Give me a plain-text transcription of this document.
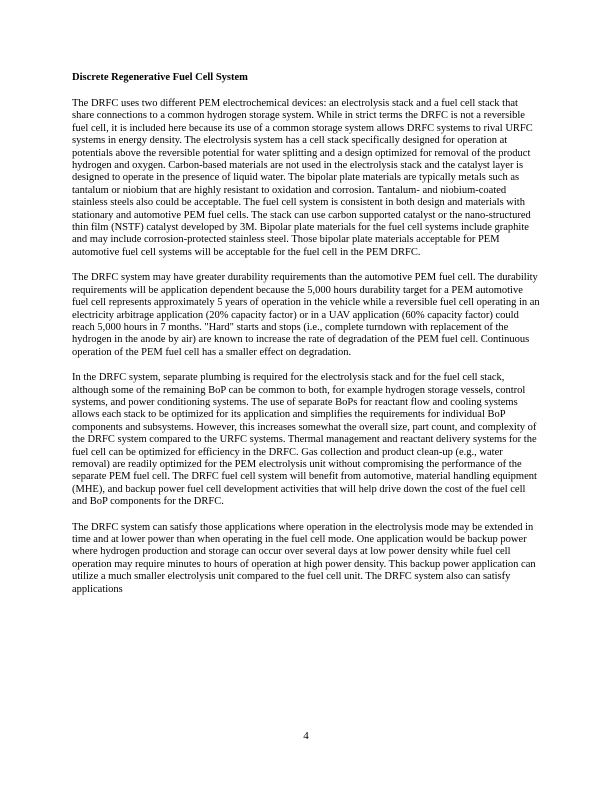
Discrete Regenerative Fuel Cell System

The DRFC uses two different PEM electrochemical devices: an electrolysis stack and a fuel cell stack that share connections to a common hydrogen storage system. While in strict terms the DRFC is not a reversible fuel cell, it is included here because its use of a common storage system allows DRFC systems to rival URFC systems in energy density. The electrolysis system has a cell stack specifically designed for operation at potentials above the reversible potential for water splitting and a design optimized for removal of the product hydrogen and oxygen. Carbon-based materials are not used in the electrolysis stack and the catalyst layer is designed to operate in the presence of liquid water. The bipolar plate materials are typically metals such as tantalum or niobium that are highly resistant to oxidation and corrosion. Tantalum- and niobium-coated stainless steels also could be acceptable. The fuel cell system is consistent in both design and materials with stationary and automotive PEM fuel cells. The stack can use carbon supported catalyst or the nano-structured thin film (NSTF) catalyst developed by 3M. Bipolar plate materials for the fuel cell systems include graphite and may include corrosion-protected stainless steel. Those bipolar plate materials acceptable for PEM automotive fuel cell systems will be acceptable for the fuel cell in the PEM DRFC.

The DRFC system may have greater durability requirements than the automotive PEM fuel cell. The durability requirements will be application dependent because the 5,000 hours durability target for a PEM automotive fuel cell represents approximately 5 years of operation in the vehicle while a reversible fuel cell operating in an electricity arbitrage application (20% capacity factor) or in a UAV application (60% capacity factor) could reach 5,000 hours in 7 months. "Hard" starts and stops (i.e., complete turndown with replacement of the hydrogen in the anode by air) are known to increase the rate of degradation of the PEM fuel cell. Continuous operation of the PEM fuel cell has a smaller effect on degradation.

In the DRFC system, separate plumbing is required for the electrolysis stack and for the fuel cell stack, although some of the remaining BoP can be common to both, for example hydrogen storage vessels, control systems, and power conditioning systems. The use of separate BoPs for reactant flow and cooling systems allows each stack to be optimized for its application and simplifies the requirements for individual BoP components and subsystems. However, this increases somewhat the overall size, part count, and complexity of the DRFC system compared to the URFC systems. Thermal management and reactant delivery systems for the fuel cell can be optimized for efficiency in the DRFC. Gas collection and product clean-up (e.g., water removal) are readily optimized for the PEM electrolysis unit without compromising the performance of the separate PEM fuel cell. The DRFC fuel cell system will benefit from automotive, material handling equipment (MHE), and backup power fuel cell development activities that will help drive down the cost of the fuel cell and BoP components for the DRFC.

The DRFC system can satisfy those applications where operation in the electrolysis mode may be extended in time and at lower power than when operating in the fuel cell mode. One application would be backup power where hydrogen production and storage can occur over several days at low power density while fuel cell operation may require minutes to hours of operation at high power density. This backup power application can utilize a much smaller electrolysis unit compared to the fuel cell unit. The DRFC system also can satisfy applications

4
